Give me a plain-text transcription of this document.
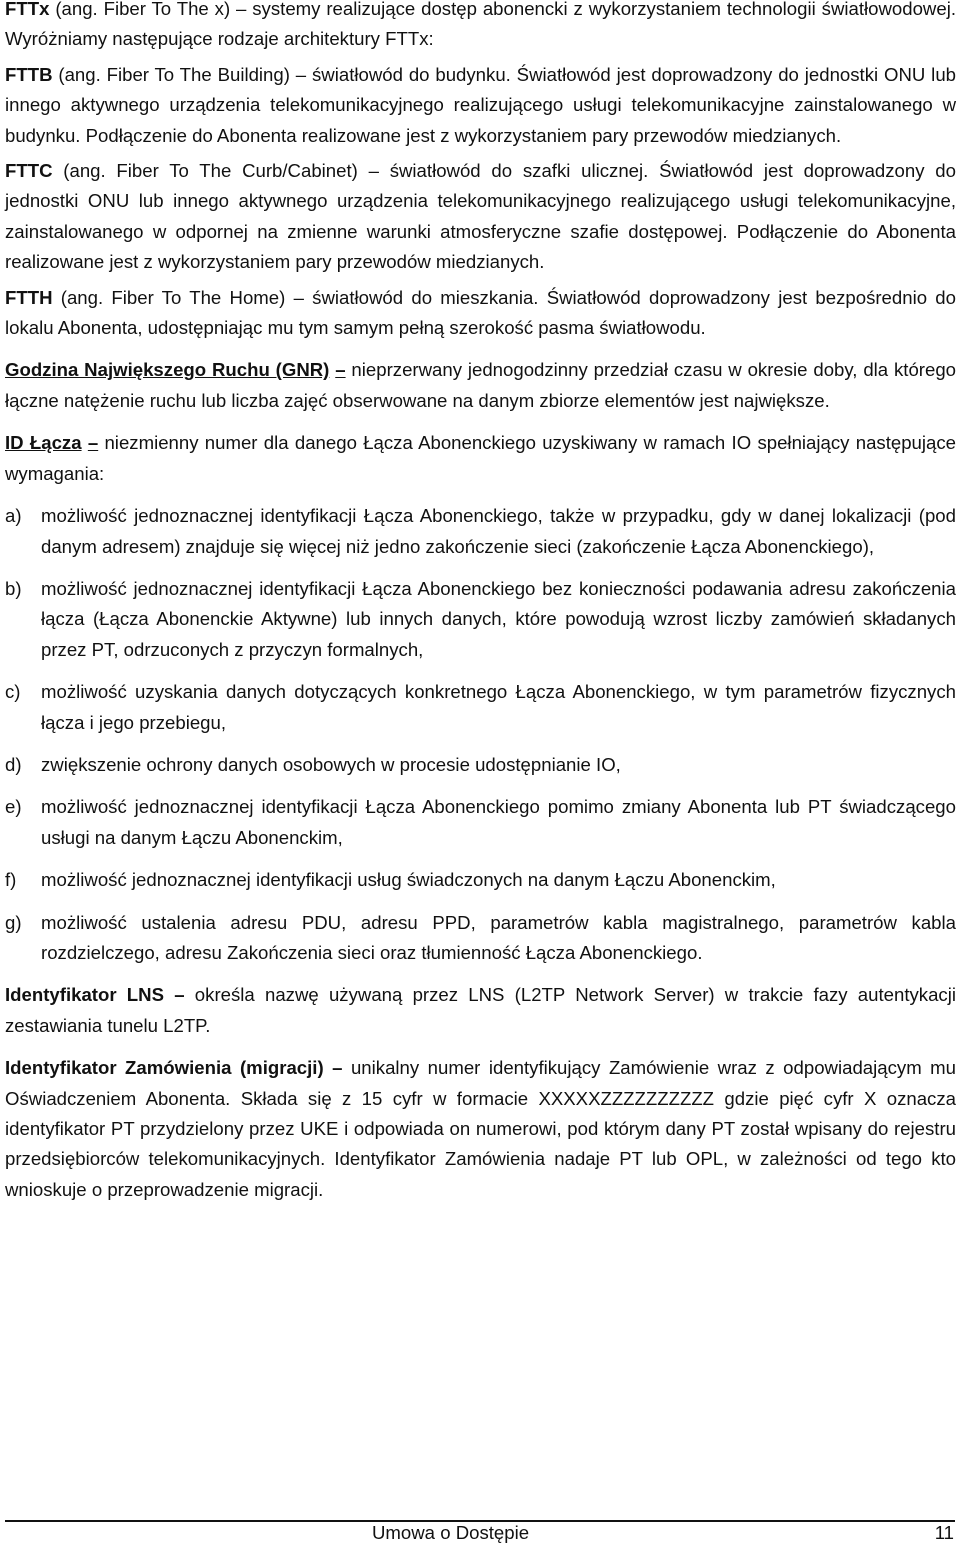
FTTx (ang. Fiber To The x) – systemy realizujące dostęp abonencki z wykorzystaniem technologii światłowodowej. Wyróżniamy następujące rodzaje architektury FTTx:

FTTB (ang. Fiber To The Building) – światłowód do budynku. Światłowód jest doprowadzony do jednostki ONU lub innego aktywnego urządzenia telekomunikacyjnego realizującego usługi telekomunikacyjne zainstalowanego w budynku. Podłączenie do Abonenta realizowane jest z wykorzystaniem pary przewodów miedzianych.

FTTC (ang. Fiber To The Curb/Cabinet) – światłowód do szafki ulicznej. Światłowód jest doprowadzony do jednostki ONU lub innego aktywnego urządzenia telekomunikacyjnego realizującego usługi telekomunikacyjne, zainstalowanego w odpornej na zmienne warunki atmosferyczne szafie dostępowej. Podłączenie do Abonenta realizowane jest z wykorzystaniem pary przewodów miedzianych.

FTTH (ang. Fiber To The Home) – światłowód do mieszkania. Światłowód doprowadzony jest bezpośrednio do lokalu Abonenta, udostępniając mu tym samym pełną szerokość pasma światłowodu.

Godzina Największego Ruchu (GNR) – nieprzerwany jednogodzinny przedział czasu w okresie doby, dla którego łączne natężenie ruchu lub liczba zajęć obserwowane na danym zbiorze elementów jest największe.

ID Łącza – niezmienny numer dla danego Łącza Abonenckiego uzyskiwany w ramach IO spełniający następujące wymagania:

a) możliwość jednoznacznej identyfikacji Łącza Abonenckiego, także w przypadku, gdy w danej lokalizacji (pod danym adresem) znajduje się więcej niż jedno zakończenie sieci (zakończenie Łącza Abonenckiego),
b) możliwość jednoznacznej identyfikacji Łącza Abonenckiego bez konieczności podawania adresu zakończenia łącza (Łącza Abonenckie Aktywne) lub innych danych, które powodują wzrost liczby zamówień składanych przez PT, odrzuconych z przyczyn formalnych,
c) możliwość uzyskania danych dotyczących konkretnego Łącza Abonenckiego, w tym parametrów fizycznych łącza i jego przebiegu,
d) zwiększenie ochrony danych osobowych w procesie udostępnianie IO,
e) możliwość jednoznacznej identyfikacji Łącza Abonenckiego pomimo zmiany Abonenta lub PT świadczącego usługi na danym Łączu Abonenckim,
f) możliwość jednoznacznej identyfikacji usług świadczonych na danym Łączu Abonenckim,
g) możliwość ustalenia adresu PDU, adresu PPD, parametrów kabla magistralnego, parametrów kabla rozdzielczego, adresu Zakończenia sieci oraz tłumienność Łącza Abonenckiego.

Identyfikator LNS – określa nazwę używaną przez LNS (L2TP Network Server) w trakcie fazy autentykacji zestawiania tunelu L2TP.

Identyfikator Zamówienia (migracji) – unikalny numer identyfikujący Zamówienie wraz z odpowiadającym mu Oświadczeniem Abonenta. Składa się z 15 cyfr w formacie XXXXXZZZZZZZZZZ gdzie pięć cyfr X oznacza identyfikator PT przydzielony przez UKE i odpowiada on numerowi, pod którym dany PT został wpisany do rejestru przedsiębiorców telekomunikacyjnych. Identyfikator Zamówienia nadaje PT lub OPL, w zależności od tego kto wnioskuje o przeprowadzenie migracji.

Umowa o Dostępie	11
